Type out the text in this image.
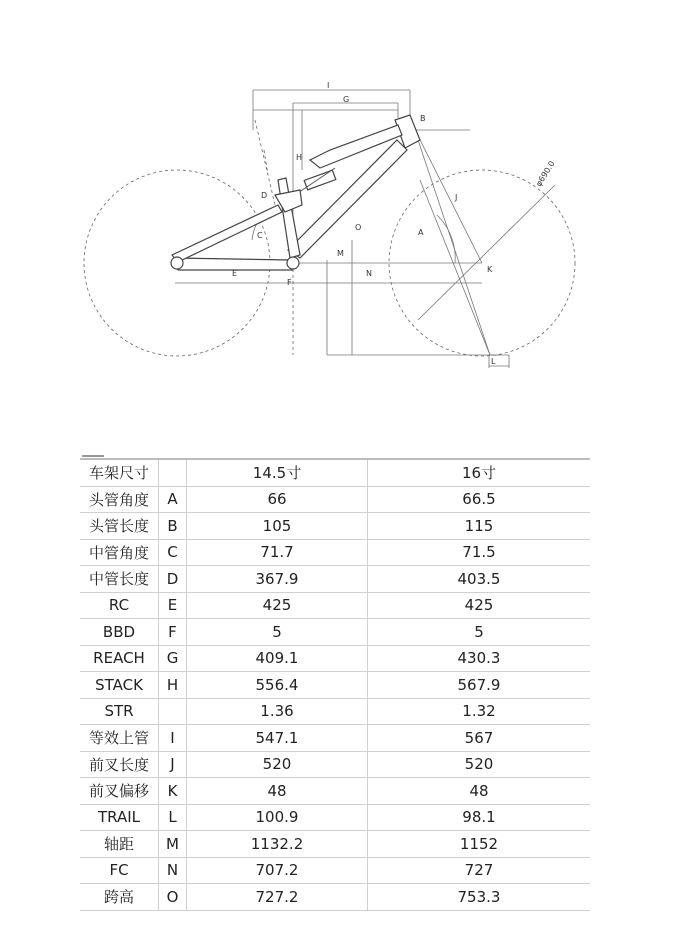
I
G
B
H
D
C
J
A
O
M
E
F
N	K
L
φ690.0
车架尺寸		14.5寸	16寸
头管角度	A	66	66.5
头管长度	B	105	115
中管角度	C	71.7	71.5
中管长度	D	367.9	403.5
RC	E	425	425
BBD	F	5	5
REACH	G	409.1	430.3
STACK	H	556.4	567.9
STR		1.36	1.32
等效上管	I	547.1	567
前叉长度	J	520	520
前叉偏移	K	48	48
TRAIL	L	100.9	98.1
轴距	M	1132.2	1152
FC	N	707.2	727
跨高	O	727.2	753.3
